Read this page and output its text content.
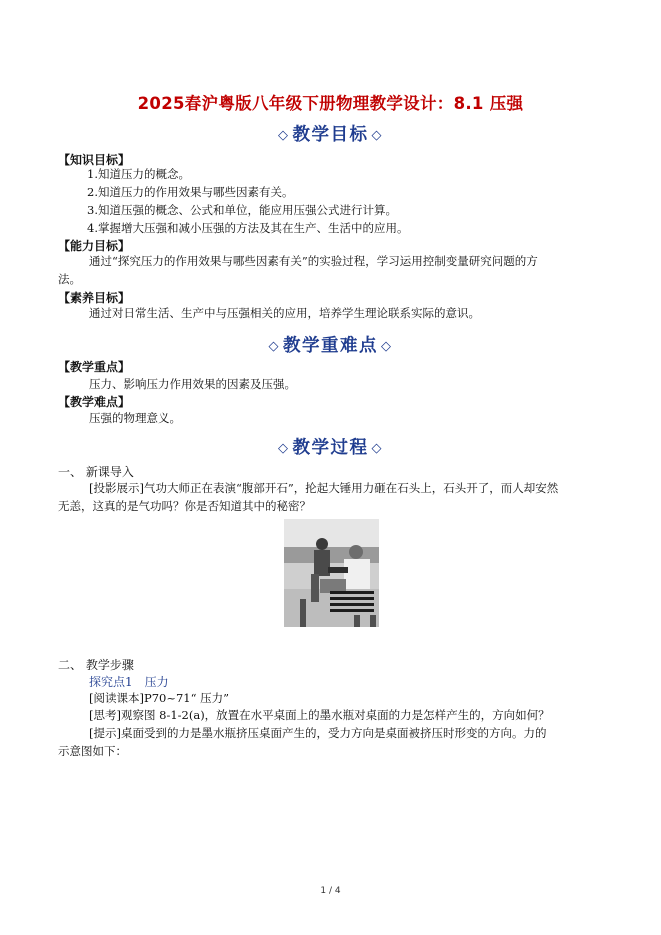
2025春沪粤版八年级下册物理教学设计：8.1 压强
◇ 教学目标 ◇
【知识目标】
1.知道压力的概念。
2.知道压力的作用效果与哪些因素有关。
3.知道压强的概念、公式和单位，能应用压强公式进行计算。
4.掌握增大压强和减小压强的方法及其在生产、生活中的应用。
【能力目标】
通过“探究压力的作用效果与哪些因素有关”的实验过程，学习运用控制变量研究问题的方
法。
【素养目标】
通过对日常生活、生产中与压强相关的应用，培养学生理论联系实际的意识。
◇ 教学重难点 ◇
【教学重点】
压力、影响压力作用效果的因素及压强。
【教学难点】
压强的物理意义。
◇ 教学过程 ◇
一、 新课导入
[投影展示]气功大师正在表演“腹部开石”，抡起大锤用力砸在石头上，石头开了，而人却安然
无恙，这真的是气功吗？你是否知道其中的秘密？
二、 教学步骤
探究点1　压力
[阅读课本]P70~71“ 压力”
[思考]观察图 8-1-2(a)，放置在水平桌面上的墨水瓶对桌面的力是怎样产生的，方向如何？
[提示]桌面受到的力是墨水瓶挤压桌面产生的，受力方向是桌面被挤压时形变的方向。力的
示意图如下：
1 / 4
